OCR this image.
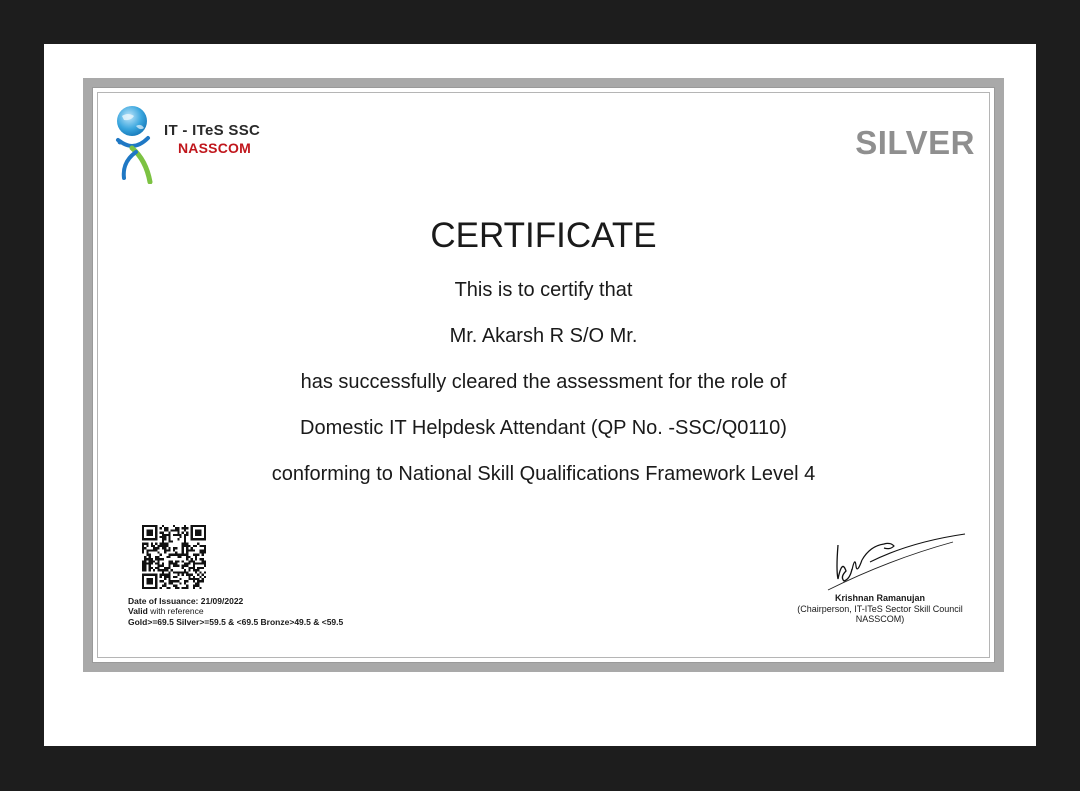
IT - ITeS SSC
NASSCOM	SILVER
CERTIFICATE
This is to certify that
Mr. Akarsh R S/O Mr.
has successfully cleared the assessment for the role of
Domestic IT Helpdesk Attendant (QP No. -SSC/Q0110)
conforming to National Skill Qualifications Framework Level 4
Date of Issuance: 21/09/2022
Valid with reference
Gold>=69.5 Silver>=59.5 & <69.5 Bronze>49.5 & <59.5
Krishnan Ramanujan
(Chairperson, IT-ITeS Sector Skill Council
NASSCOM)
